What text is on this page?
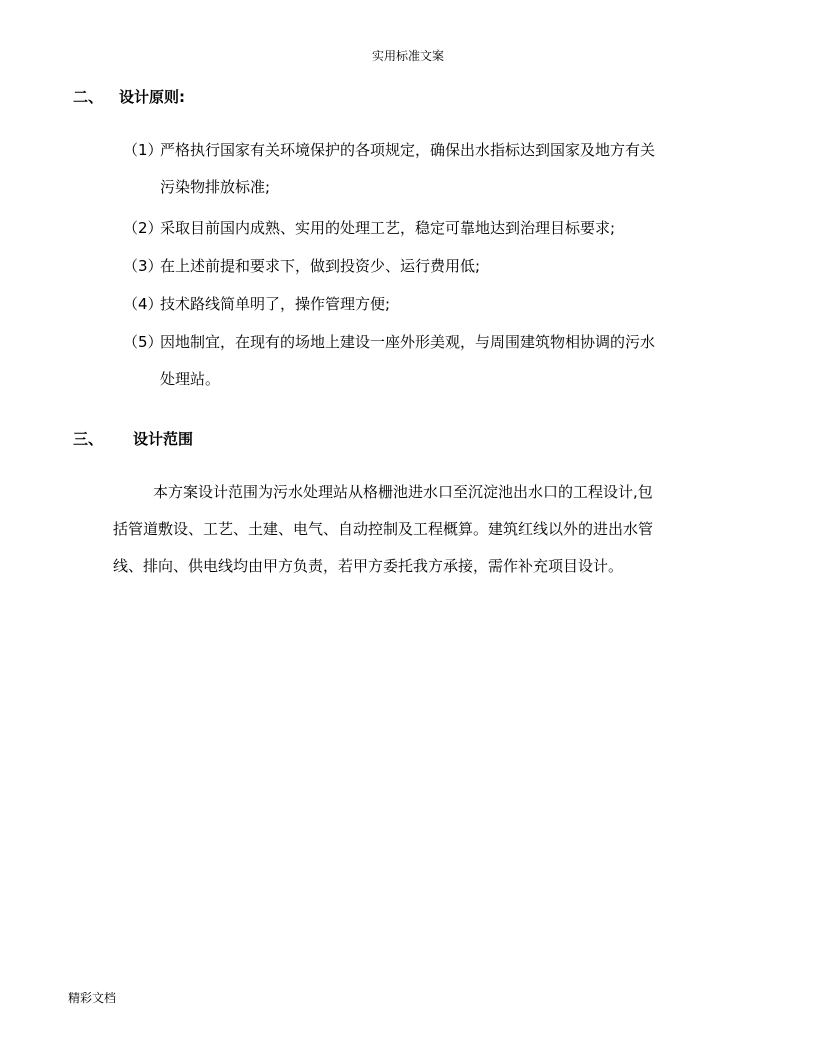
实用标准文案
二、 设计原则:
（1）严格执行国家有关环境保护的各项规定，确保出水指标达到国家及地方有关
污染物排放标准;
（2）采取目前国内成熟、实用的处理工艺，稳定可靠地达到治理目标要求;
（3）在上述前提和要求下，做到投资少、运行费用低;
（4）技术路线简单明了，操作管理方便;
（5）因地制宜，在现有的场地上建设一座外形美观，与周围建筑物相协调的污水
处理站。
三、 设计范围
本方案设计范围为污水处理站从格栅池进水口至沉淀池出水口的工程设计,包
括管道敷设、工艺、土建、电气、自动控制及工程概算。建筑红线以外的进出水管
线、排向、供电线均由甲方负责，若甲方委托我方承接，需作补充项目设计。
精彩文档
